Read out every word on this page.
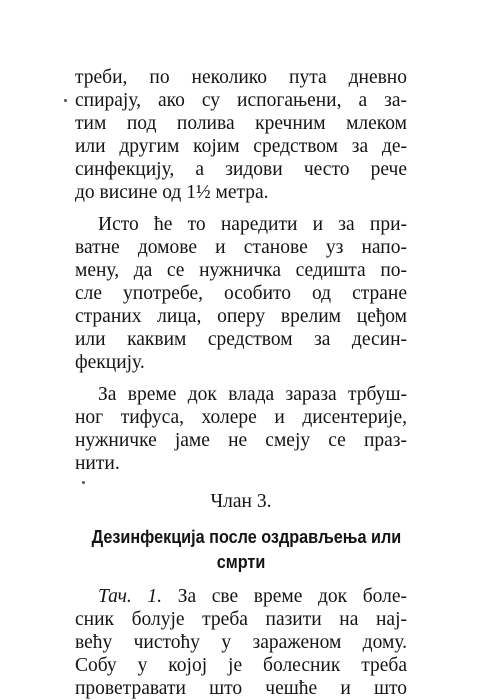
треби, по неколико пута дневно
спирају, ако су испогањени, а за-
тим под полива кречним млеком
или другим којим средством за де-
синфекцију, а зидови често рече
до висине од 1½ метра.
Исто ће то наредити и за при-
ватне домове и станове уз напо-
мену, да се нужничка седишта по-
сле употребе, особито од стране
страних лица, оперу врелим цеђом
или каквим средством за десин-
фекцију.
За време док влада зараза трбуш-
ног тифуса, холере и дисентерије,
нужничке јаме не смеју се праз-
нити.
Члан 3.
Дезинфекција после оздрављења или
смрти
Тач. 1. За све време док боле-
сник болује треба пазити на нај-
већу чистоћу у зараженом дому.
Собу у којој је болесник треба
проветравати што чешће и што
